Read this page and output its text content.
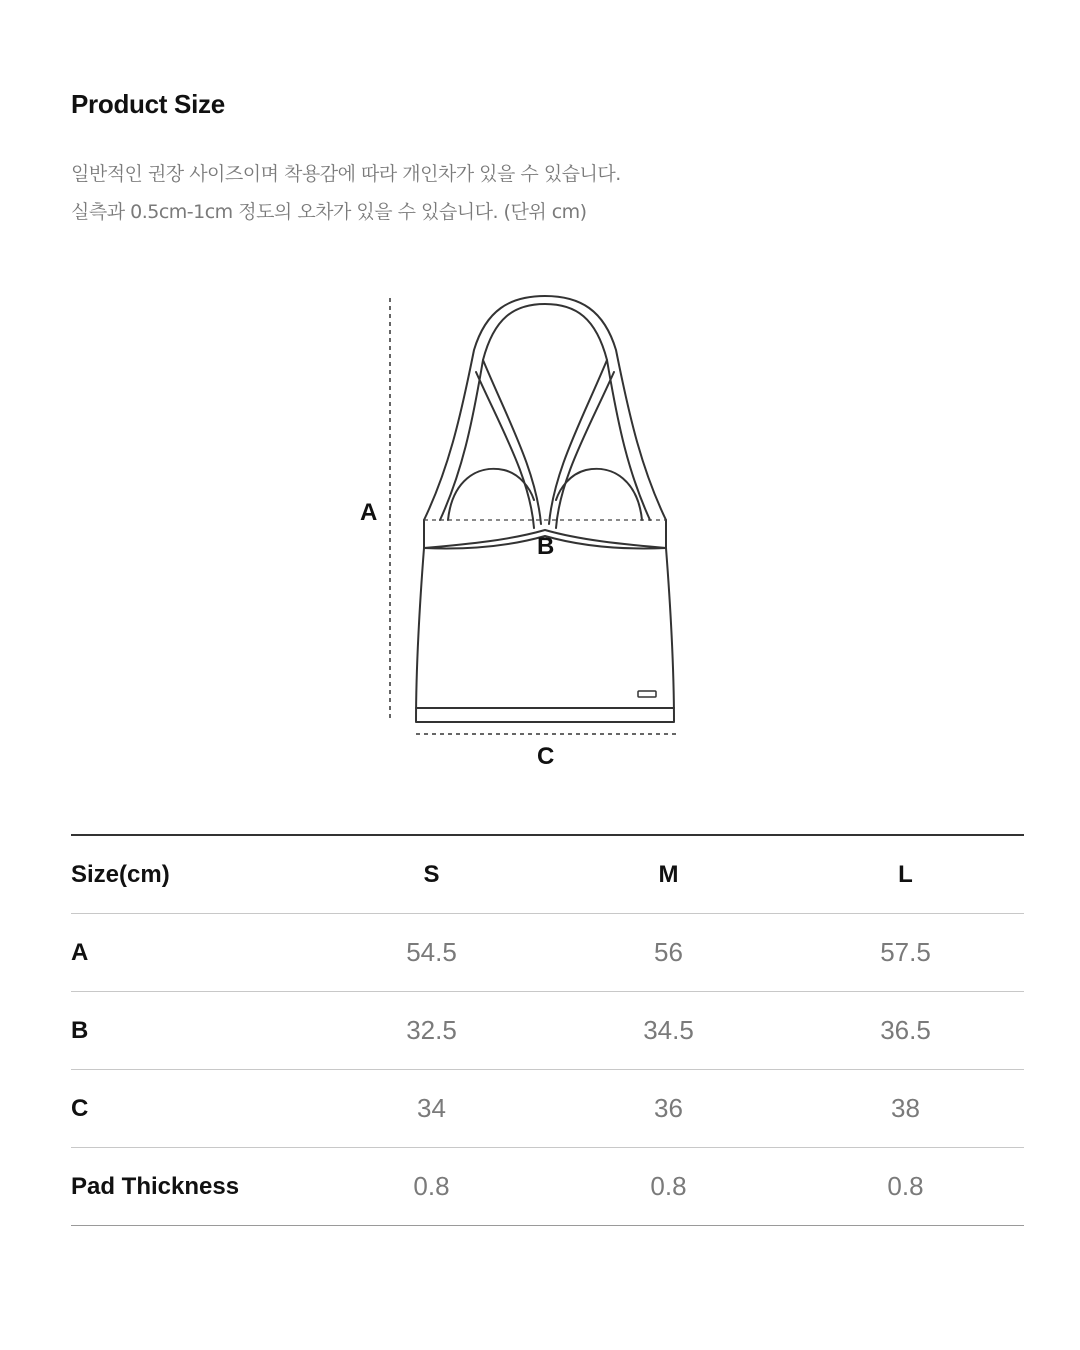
Product Size
일반적인 권장 사이즈이며 착용감에 따라 개인차가 있을 수 있습니다.
실측과 0.5cm-1cm 정도의 오차가 있을 수 있습니다. (단위 cm)
A
B
C
Size(cm)	S	M	L
A	54.5	56	57.5
B	32.5	34.5	36.5
C	34	36	38
Pad Thickness	0.8	0.8	0.8
